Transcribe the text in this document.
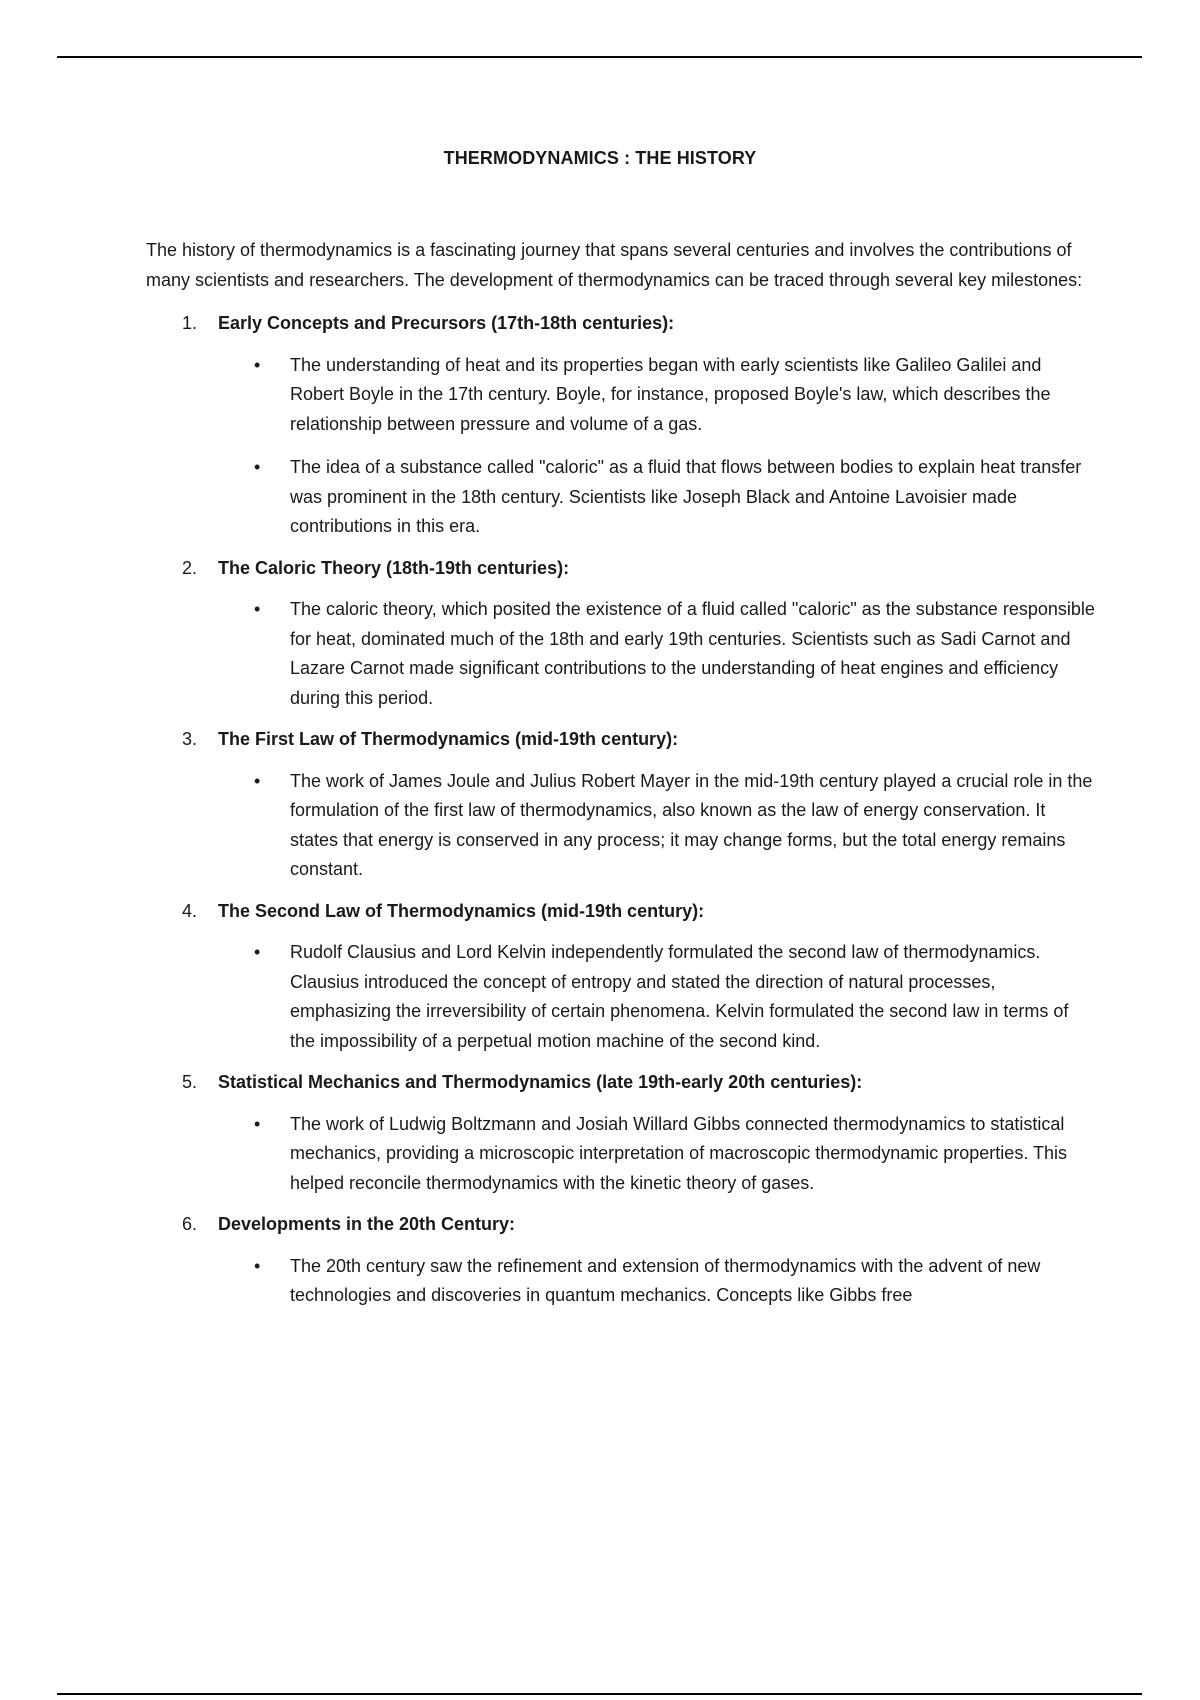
THERMODYNAMICS : THE HISTORY

The history of thermodynamics is a fascinating journey that spans several centuries and involves the contributions of many scientists and researchers. The development of thermodynamics can be traced through several key milestones:

1. Early Concepts and Precursors (17th-18th centuries):
• The understanding of heat and its properties began with early scientists like Galileo Galilei and Robert Boyle in the 17th century. Boyle, for instance, proposed Boyle's law, which describes the relationship between pressure and volume of a gas.
• The idea of a substance called "caloric" as a fluid that flows between bodies to explain heat transfer was prominent in the 18th century. Scientists like Joseph Black and Antoine Lavoisier made contributions in this era.
2. The Caloric Theory (18th-19th centuries):
• The caloric theory, which posited the existence of a fluid called "caloric" as the substance responsible for heat, dominated much of the 18th and early 19th centuries. Scientists such as Sadi Carnot and Lazare Carnot made significant contributions to the understanding of heat engines and efficiency during this period.
3. The First Law of Thermodynamics (mid-19th century):
• The work of James Joule and Julius Robert Mayer in the mid-19th century played a crucial role in the formulation of the first law of thermodynamics, also known as the law of energy conservation. It states that energy is conserved in any process; it may change forms, but the total energy remains constant.
4. The Second Law of Thermodynamics (mid-19th century):
• Rudolf Clausius and Lord Kelvin independently formulated the second law of thermodynamics. Clausius introduced the concept of entropy and stated the direction of natural processes, emphasizing the irreversibility of certain phenomena. Kelvin formulated the second law in terms of the impossibility of a perpetual motion machine of the second kind.
5. Statistical Mechanics and Thermodynamics (late 19th-early 20th centuries):
• The work of Ludwig Boltzmann and Josiah Willard Gibbs connected thermodynamics to statistical mechanics, providing a microscopic interpretation of macroscopic thermodynamic properties. This helped reconcile thermodynamics with the kinetic theory of gases.
6. Developments in the 20th Century:
• The 20th century saw the refinement and extension of thermodynamics with the advent of new technologies and discoveries in quantum mechanics. Concepts like Gibbs free
